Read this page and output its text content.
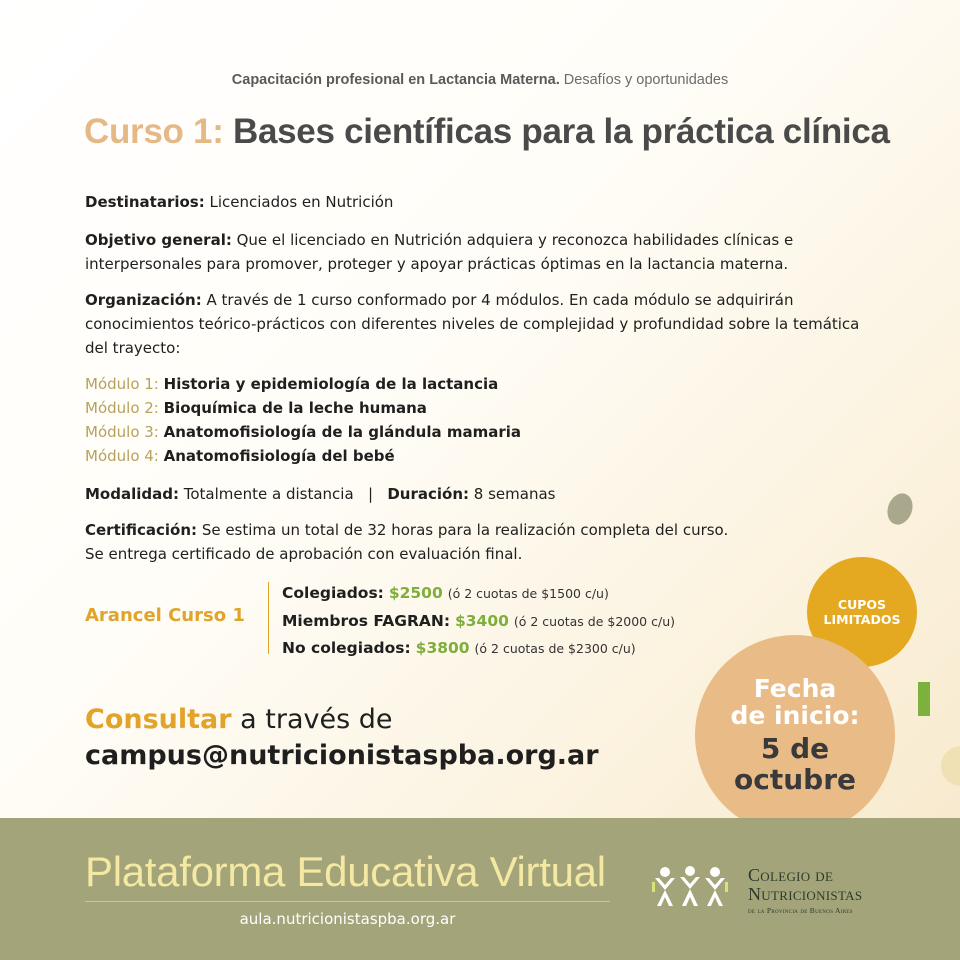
Capacitación profesional en Lactancia Materna. Desafíos y oportunidades
Curso 1: Bases científicas para la práctica clínica
Destinatarios: Licenciados en Nutrición
Objetivo general: Que el licenciado en Nutrición adquiera y reconozca habilidades clínicas e interpersonales para promover, proteger y apoyar prácticas óptimas en la lactancia materna.
Organización: A través de 1 curso conformado por 4 módulos. En cada módulo se adquirirán conocimientos teórico-prácticos con diferentes niveles de complejidad y profundidad sobre la temática del trayecto:
Módulo 1: Historia y epidemiología de la lactancia
Módulo 2: Bioquímica de la leche humana
Módulo 3: Anatomofisiología de la glándula mamaria
Módulo 4: Anatomofisiología del bebé
Modalidad: Totalmente a distancia | Duración: 8 semanas
Certificación: Se estima un total de 32 horas para la realización completa del curso.
Se entrega certificado de aprobación con evaluación final.
Arancel Curso 1
Colegiados: $2500 (ó 2 cuotas de $1500 c/u)
Miembros FAGRAN: $3400 (ó 2 cuotas de $2000 c/u)
No colegiados: $3800 (ó 2 cuotas de $2300 c/u)
Consultar a través de
campus@nutricionistaspba.org.ar
CUPOS
LIMITADOS
Fecha
de inicio:
5 de
octubre
Plataforma Educativa Virtual
aula.nutricionistaspba.org.ar
Colegio de
Nutricionistas
de la Provincia de Buenos Aires
